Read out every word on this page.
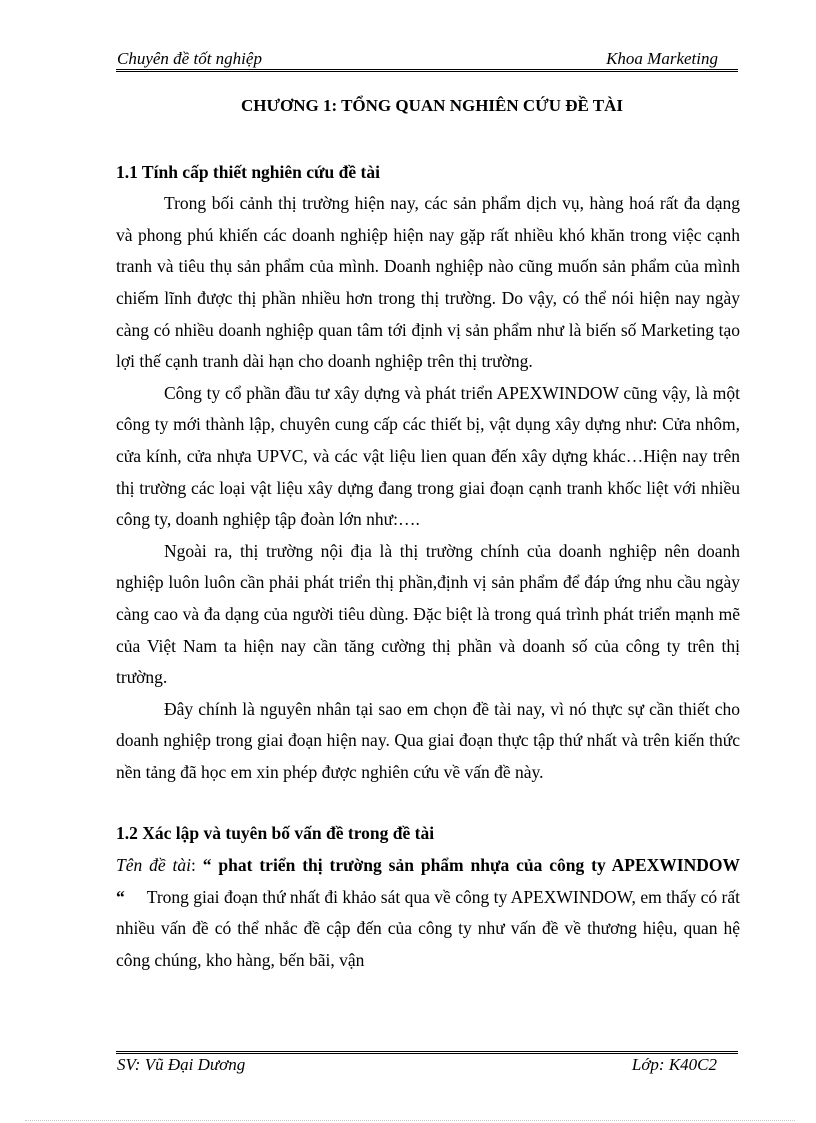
Chuyên đề tốt nghiệp	Khoa Marketing
CHƯƠNG 1: TỔNG QUAN NGHIÊN CỨU ĐỀ TÀI
1.1 Tính cấp thiết nghiên cứu đề tài

Trong bối cảnh thị trường hiện nay, các sản phẩm dịch vụ, hàng hoá rất đa dạng và phong phú khiến các doanh nghiệp hiện nay gặp rất nhiều khó khăn trong việc cạnh tranh và tiêu thụ sản phẩm của mình. Doanh nghiệp nào cũng muốn sản phẩm của mình chiếm lĩnh được thị phần nhiều hơn trong thị trường. Do vậy, có thể nói hiện nay ngày càng có nhiều doanh nghiệp quan tâm tới định vị sản phẩm như là biến số Marketing tạo lợi thế cạnh tranh dài hạn cho doanh nghiệp trên thị trường.

Công ty cổ phần đầu tư xây dựng và phát triển APEXWINDOW cũng vậy, là một công ty mới thành lập, chuyên cung cấp các thiết bị, vật dụng xây dựng như: Cửa nhôm, cửa kính, cửa nhựa UPVC, và các vật liệu lien quan đến xây dựng khác…Hiện nay trên thị trường các loại vật liệu xây dựng đang trong giai đoạn cạnh tranh khốc liệt với nhiều công ty, doanh nghiệp tập đoàn lớn như:….

Ngoài ra, thị trường nội địa là thị trường chính của doanh nghiệp nên doanh nghiệp luôn luôn cần phải phát triển thị phần,định vị sản phẩm để đáp ứng nhu cầu ngày càng cao và đa dạng của người tiêu dùng. Đặc biệt là trong quá trình phát triển mạnh mẽ của Việt Nam ta hiện nay cần tăng cường thị phần và doanh số của công ty trên thị trường.

Đây chính là nguyên nhân tại sao em chọn đề tài nay, vì nó thực sự cần thiết cho doanh nghiệp trong giai đoạn hiện nay. Qua giai đoạn thực tập thứ nhất và trên kiến thức nền tảng đã học em xin phép được nghiên cứu về vấn đề này.

1.2 Xác lập và tuyên bố vấn đề trong đề tài

Tên đề tài: “ phat triển thị trường sản phẩm nhựa của công ty APEXWINDOW “ Trong giai đoạn thứ nhất đi khảo sát qua về công ty APEXWINDOW, em thấy có rất nhiều vấn đề có thể nhắc đề cập đến của công ty như vấn đề về thương hiệu, quan hệ công chúng, kho hàng, bến bãi, vận

SV: Vũ Đại Dương	Lớp: K40C2
